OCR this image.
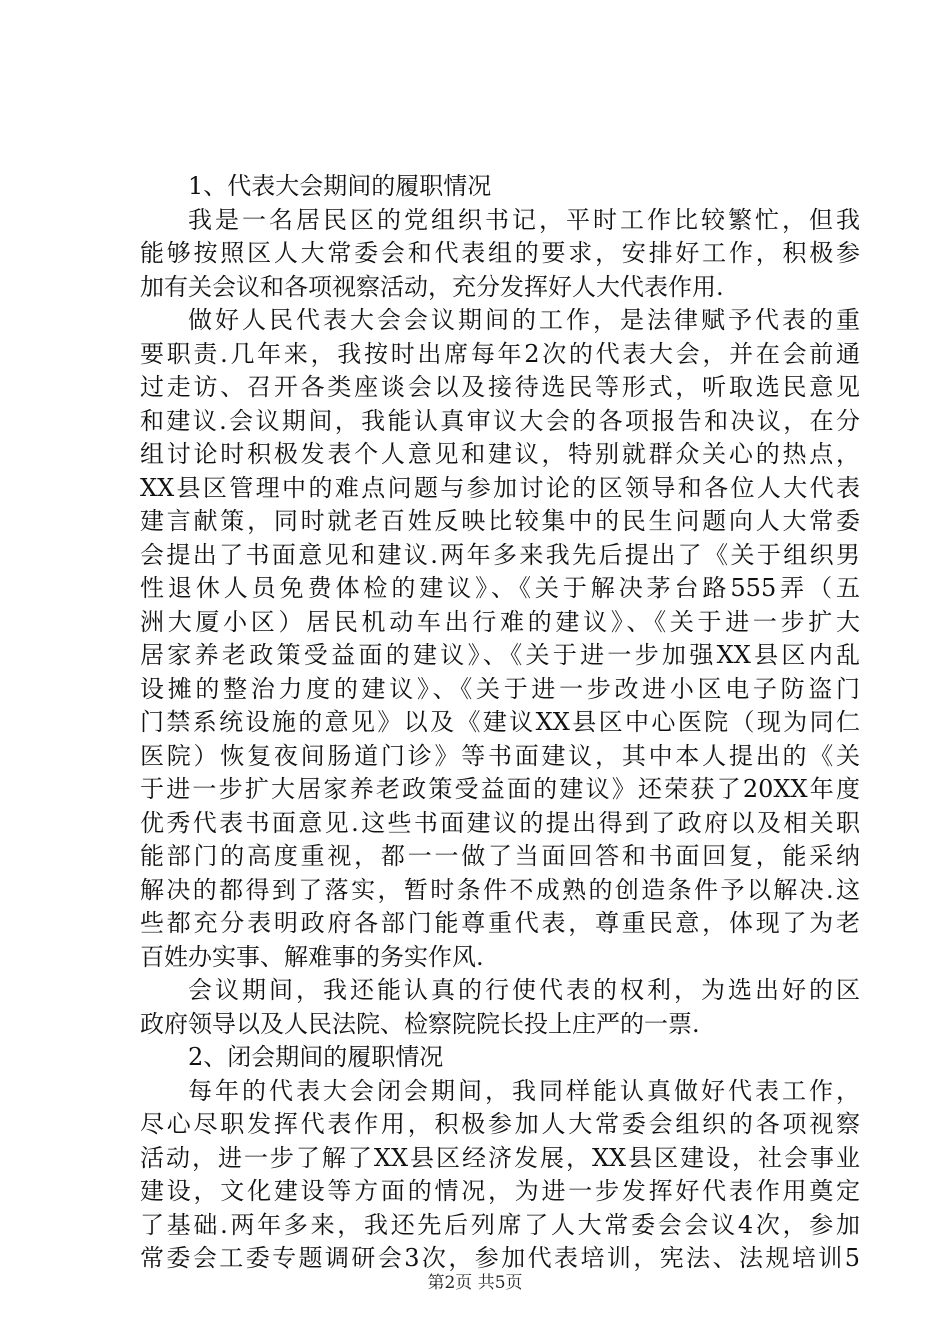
1、代表大会期间的履职情况
我是一名居民区的党组织书记，平时工作比较繁忙，但我
能够按照区人大常委会和代表组的要求，安排好工作，积极参
加有关会议和各项视察活动，充分发挥好人大代表作用.
做好人民代表大会会议期间的工作，是法律赋予代表的重
要职责.几年来，我按时出席每年2次的代表大会，并在会前通
过走访、召开各类座谈会以及接待选民等形式，听取选民意见
和建议.会议期间，我能认真审议大会的各项报告和决议，在分
组讨论时积极发表个人意见和建议，特别就群众关心的热点，
XX县区管理中的难点问题与参加讨论的区领导和各位人大代表
建言献策，同时就老百姓反映比较集中的民生问题向人大常委
会提出了书面意见和建议.两年多来我先后提出了《关于组织男
性退休人员免费体检的建议》、《关于解决茅台路555弄（五
洲大厦小区）居民机动车出行难的建议》、《关于进一步扩大
居家养老政策受益面的建议》、《关于进一步加强XX县区内乱
设摊的整治力度的建议》、《关于进一步改进小区电子防盗门
门禁系统设施的意见》以及《建议XX县区中心医院（现为同仁
医院）恢复夜间肠道门诊》等书面建议，其中本人提出的《关
于进一步扩大居家养老政策受益面的建议》还荣获了20XX年度
优秀代表书面意见.这些书面建议的提出得到了政府以及相关职
能部门的高度重视，都一一做了当面回答和书面回复，能采纳
解决的都得到了落实，暂时条件不成熟的创造条件予以解决.这
些都充分表明政府各部门能尊重代表，尊重民意，体现了为老
百姓办实事、解难事的务实作风.
会议期间，我还能认真的行使代表的权利，为选出好的区
政府领导以及人民法院、检察院院长投上庄严的一票.
2、闭会期间的履职情况
每年的代表大会闭会期间，我同样能认真做好代表工作，
尽心尽职发挥代表作用，积极参加人大常委会组织的各项视察
活动，进一步了解了XX县区经济发展，XX县区建设，社会事业
建设，文化建设等方面的情况，为进一步发挥好代表作用奠定
了基础.两年多来，我还先后列席了人大常委会会议4次，参加
常委会工委专题调研会3次，参加代表培训，宪法、法规培训5
第2页 共5页
